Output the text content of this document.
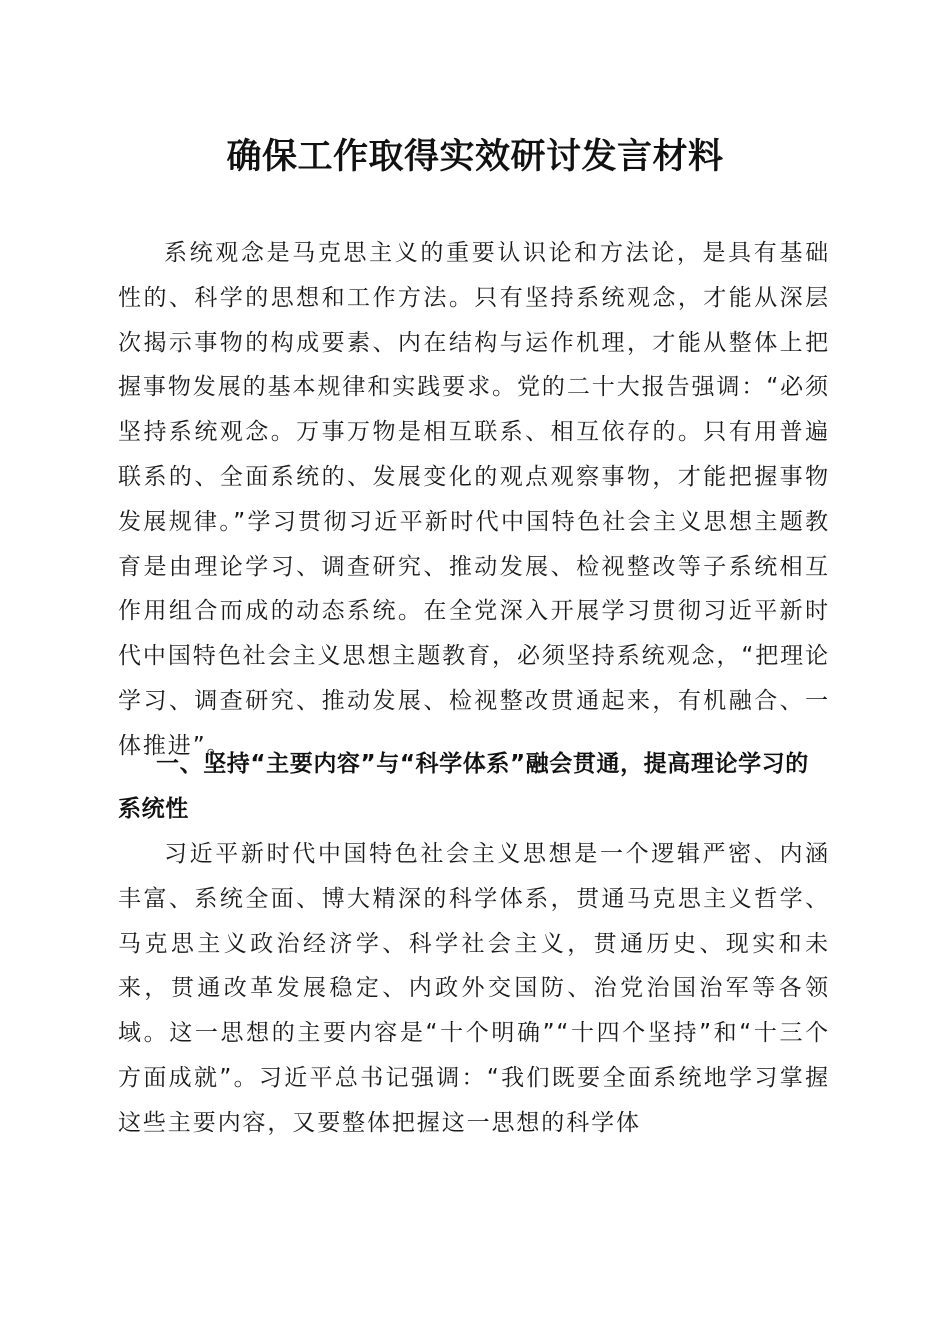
确保工作取得实效研讨发言材料

系统观念是马克思主义的重要认识论和方法论，是具有基础性的、科学的思想和工作方法。只有坚持系统观念，才能从深层次揭示事物的构成要素、内在结构与运作机理，才能从整体上把握事物发展的基本规律和实践要求。党的二十大报告强调：“必须坚持系统观念。万事万物是相互联系、相互依存的。只有用普遍联系的、全面系统的、发展变化的观点观察事物，才能把握事物发展规律。”学习贯彻习近平新时代中国特色社会主义思想主题教育是由理论学习、调查研究、推动发展、检视整改等子系统相互作用组合而成的动态系统。在全党深入开展学习贯彻习近平新时代中国特色社会主义思想主题教育，必须坚持系统观念，“把理论学习、调查研究、推动发展、检视整改贯通起来，有机融合、一体推进”。

一、坚持“主要内容”与“科学体系”融会贯通，提高理论学习的系统性

习近平新时代中国特色社会主义思想是一个逻辑严密、内涵丰富、系统全面、博大精深的科学体系，贯通马克思主义哲学、马克思主义政治经济学、科学社会主义，贯通历史、现实和未来，贯通改革发展稳定、内政外交国防、治党治国治军等各领域。这一思想的主要内容是“十个明确”“十四个坚持”和“十三个方面成就”。习近平总书记强调：“我们既要全面系统地学习掌握这些主要内容，又要整体把握这一思想的科学体
